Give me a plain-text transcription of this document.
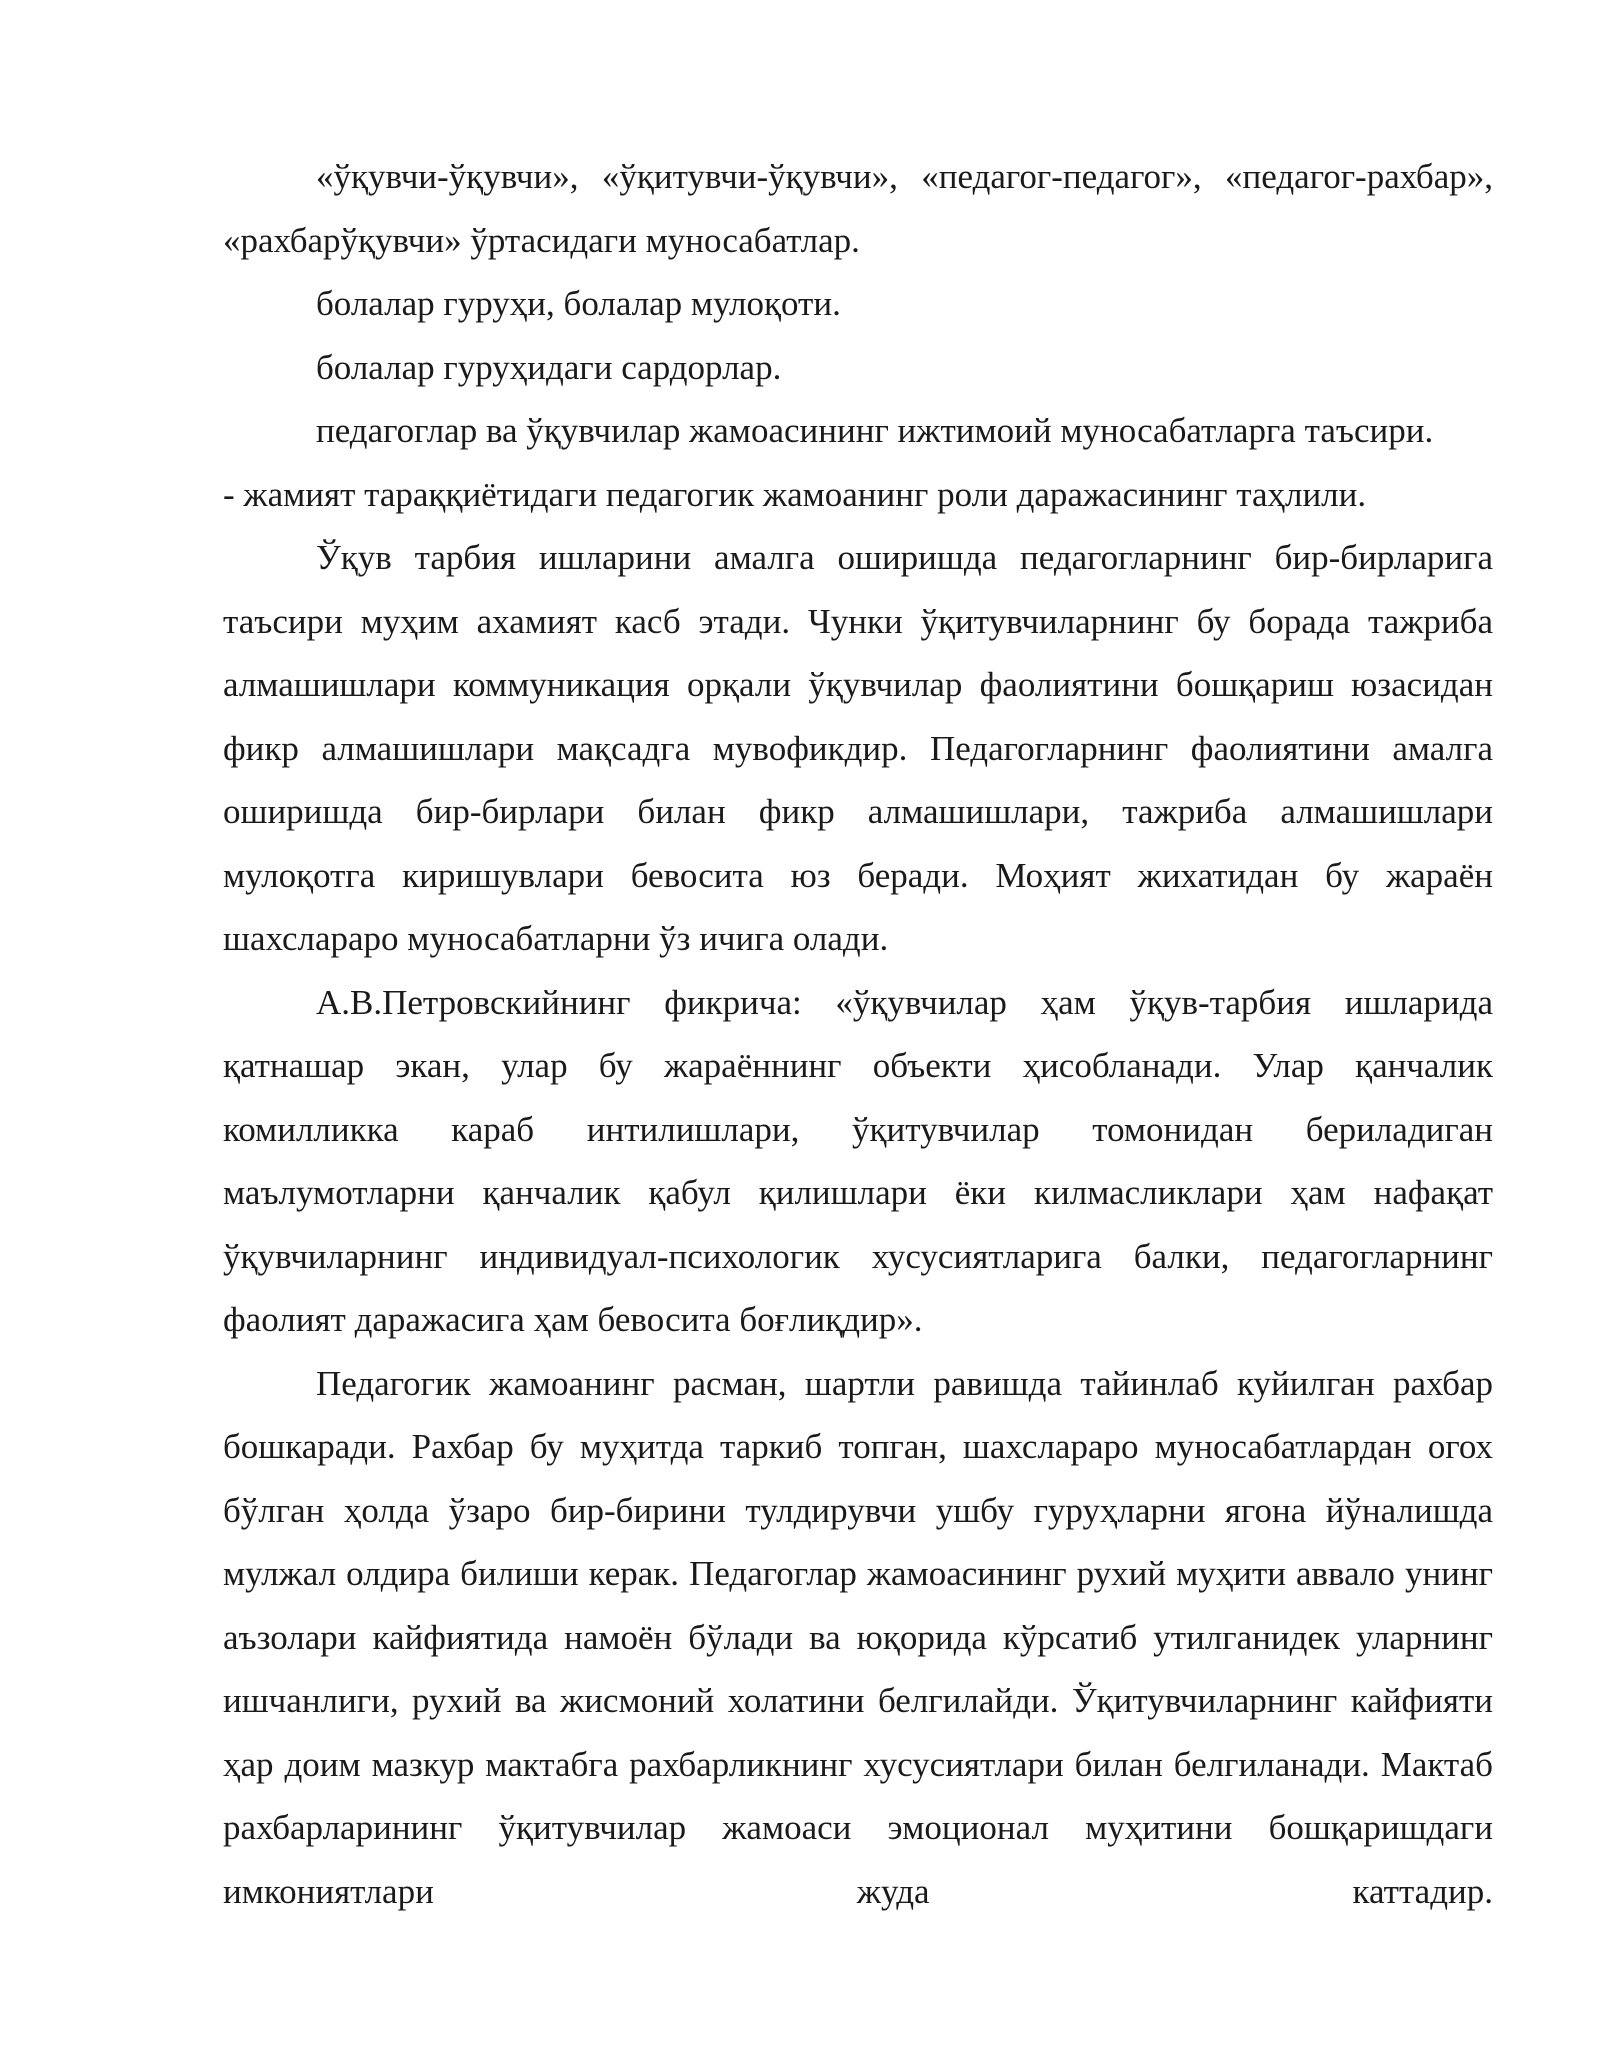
«ўқувчи-ўқувчи», «ўқитувчи-ўқувчи», «педагог-педагог», «педагог-рахбар», «рахбарўқувчи» ўртасидаги муносабатлар.

болалар гуруҳи, болалар мулоқоти.

болалар гуруҳидаги сардорлар.

педагоглар ва ўқувчилар жамоасининг ижтимоий муносабатларга таъсири.

- жамият тараққиётидаги педагогик жамоанинг роли даражасининг таҳлили.

Ўқув тарбия ишларини амалга оширишда педагогларнинг бир-бирларига таъсири муҳим ахамият касб этади. Чунки ўқитувчиларнинг бу борада тажриба алмашишлари коммуникация орқали ўқувчилар фаолиятини бошқариш юзасидан фикр алмашишлари мақсадга мувофикдир. Педагогларнинг фаолиятини амалга оширишда бир-бирлари билан фикр алмашишлари, тажриба алмашишлари мулоқотга киришувлари бевосита юз беради. Моҳият жихатидан бу жараён шахслараро муносабатларни ўз ичига олади.

А.В.Петровскийнинг фикрича: «ўқувчилар ҳам ўқув-тарбия ишларида қатнашар экан, улар бу жараённинг объекти ҳисобланади. Улар қанчалик комилликка караб интилишлари, ўқитувчилар томонидан бериладиган маълумотларни қанчалик қабул қилишлари ёки килмасликлари ҳам нафақат ўқувчиларнинг индивидуал-психологик хусусиятларига балки, педагогларнинг фаолият даражасига ҳам бевосита боғлиқдир».

Педагогик жамоанинг расман, шартли равишда тайинлаб куйилган рахбар бошкаради. Рахбар бу муҳитда таркиб топган, шахслараро муносабатлардан огох бўлган ҳолда ўзаро бир-бирини тулдирувчи ушбу гуруҳларни ягона йўналишда мулжал олдира билиши керак. Педагоглар жамоасининг рухий муҳити аввало унинг аъзолари кайфиятида намоён бўлади ва юқорида кўрсатиб утилганидек уларнинг ишчанлиги, рухий ва жисмоний холатини белгилайди. Ўқитувчиларнинг кайфияти ҳар доим мазкур мактабга рахбарликнинг хусусиятлари билан белгиланади. Мактаб рахбарларининг ўқитувчилар жамоаси эмоционал муҳитини бошқаришдаги имкониятлари жуда каттадир.
